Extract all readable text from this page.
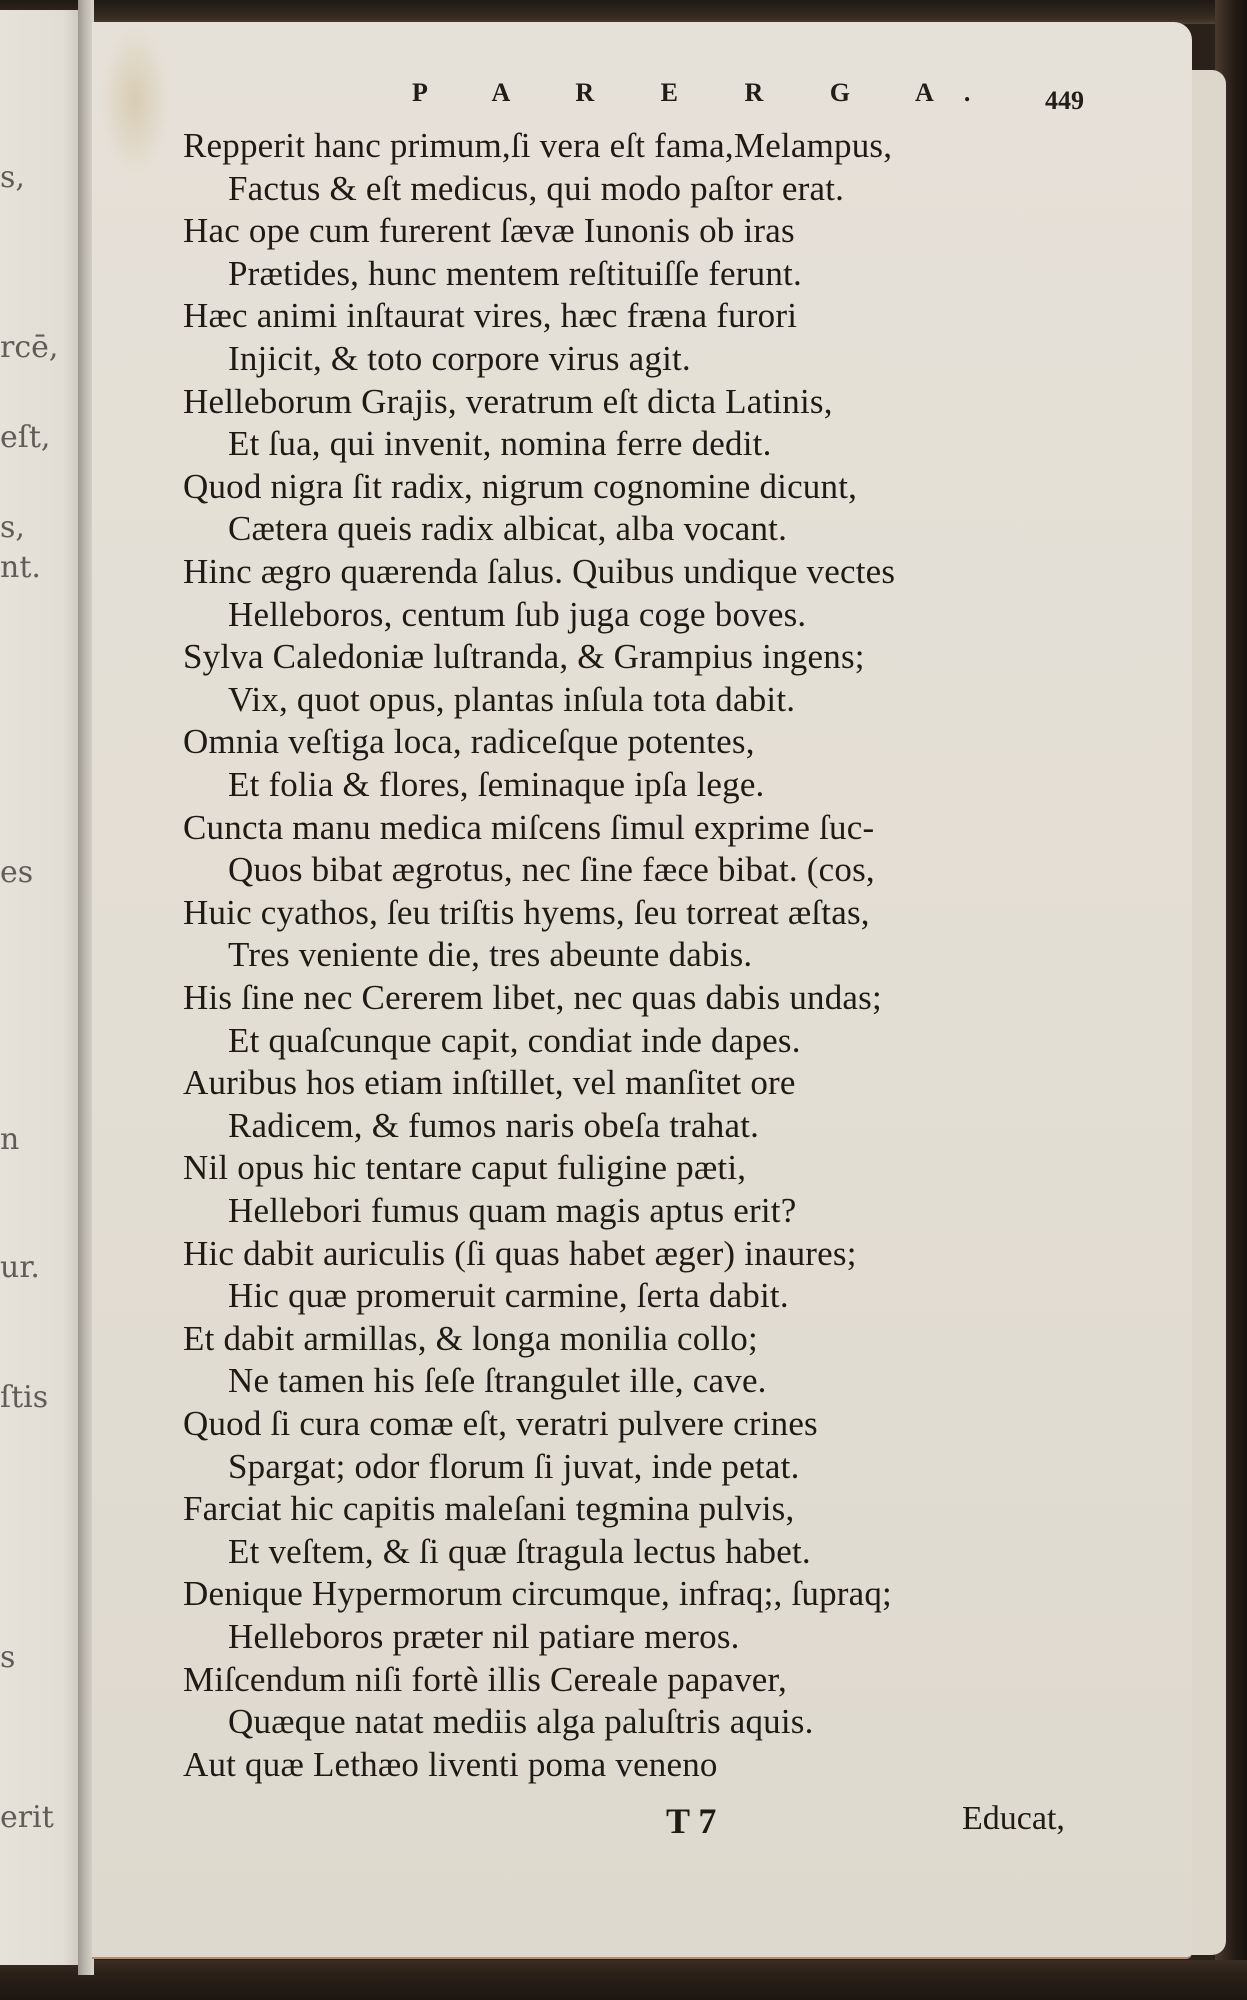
s,
rcē,
eſt,
s,
nt.
es
n
ur.
ſtis
s
erit
P A R E R G A. 449
Repperit hanc primum,ſi vera eſt fama,Melampus,
Factus & eſt medicus, qui modo paſtor erat.
Hac ope cum furerent ſævæ Iunonis ob iras
Prætides, hunc mentem reſtituiſſe ferunt.
Hæc animi inſtaurat vires, hæc fræna furori
Injicit, & toto corpore virus agit.
Helleborum Grajis, veratrum eſt dicta Latinis,
Et ſua, qui invenit, nomina ferre dedit.
Quod nigra ſit radix, nigrum cognomine dicunt,
Cætera queis radix albicat, alba vocant.
Hinc ægro quærenda ſalus. Quibus undique vectes
Helleboros, centum ſub juga coge boves.
Sylva Caledoniæ luſtranda, & Grampius ingens;
Vix, quot opus, plantas inſula tota dabit.
Omnia veſtiga loca, radiceſque potentes,
Et folia & flores, ſeminaque ipſa lege.
Cuncta manu medica miſcens ſimul exprime ſuc-
Quos bibat ægrotus, nec ſine fæce bibat. (cos,
Huic cyathos, ſeu triſtis hyems, ſeu torreat æſtas,
Tres veniente die, tres abeunte dabis.
His ſine nec Cererem libet, nec quas dabis undas;
Et quaſcunque capit, condiat inde dapes.
Auribus hos etiam inſtillet, vel manſitet ore
Radicem, & fumos naris obeſa trahat.
Nil opus hic tentare caput fuligine pæti,
Hellebori fumus quam magis aptus erit?
Hic dabit auriculis (ſi quas habet æger) inaures;
Hic quæ promeruit carmine, ſerta dabit.
Et dabit armillas, & longa monilia collo;
Ne tamen his ſeſe ſtrangulet ille, cave.
Quod ſi cura comæ eſt, veratri pulvere crines
Spargat; odor florum ſi juvat, inde petat.
Farciat hic capitis maleſani tegmina pulvis,
Et veſtem, & ſi quæ ſtragula lectus habet.
Denique Hypermorum circumque, infraq;, ſupraq;
Helleboros præter nil patiare meros.
Miſcendum niſi fortè illis Cereale papaver,
Quæque natat mediis alga paluſtris aquis.
Aut quæ Lethæo liventi poma veneno
T 7	Educat,
